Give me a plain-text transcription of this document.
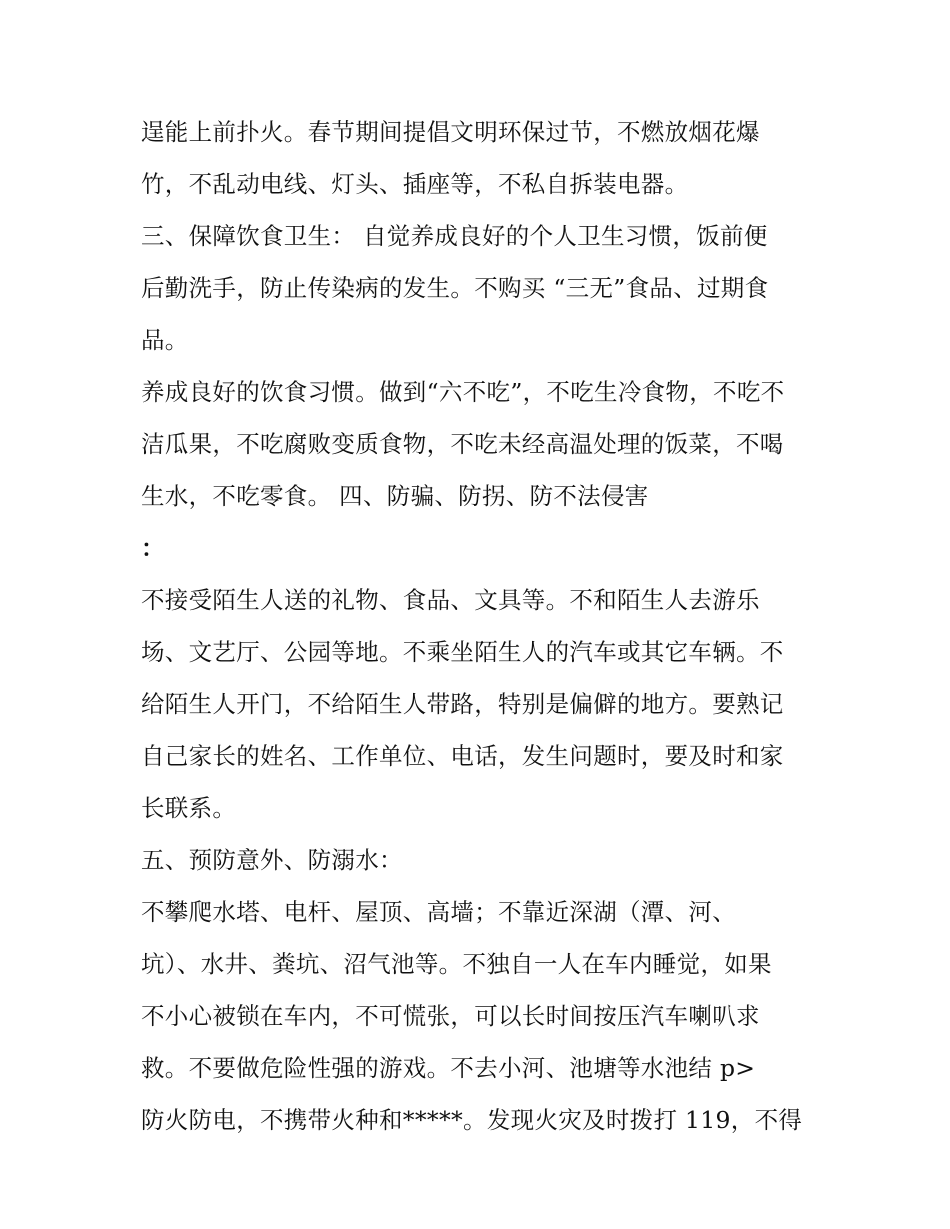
逞能上前扑火。春节期间提倡文明环保过节，不燃放烟花爆
竹，不乱动电线、灯头、插座等，不私自拆装电器。
三、保障饮食卫生： 自觉养成良好的个人卫生习惯，饭前便
后勤洗手，防止传染病的发生。不购买 “三无”食品、过期食
品。
养成良好的饮食习惯。做到“六不吃”，不吃生冷食物，不吃不
洁瓜果，不吃腐败变质食物，不吃未经高温处理的饭菜，不喝
生水，不吃零食。 四、防骗、防拐、防不法侵害
：
不接受陌生人送的礼物、食品、文具等。不和陌生人去游乐
场、文艺厅、公园等地。不乘坐陌生人的汽车或其它车辆。不
给陌生人开门，不给陌生人带路，特别是偏僻的地方。要熟记
自己家长的姓名、工作单位、电话，发生问题时，要及时和家
长联系。
五、预防意外、防溺水：
不攀爬水塔、电杆、屋顶、高墙；不靠近深湖（潭、河、
坑）、水井、粪坑、沼气池等。不独自一人在车内睡觉，如果
不小心被锁在车内，不可慌张，可以长时间按压汽车喇叭求
救。不要做危险性强的游戏。不去小河、池塘等水池结 p>
防火防电，不携带火种和*****。发现火灾及时拨打 119，不得
